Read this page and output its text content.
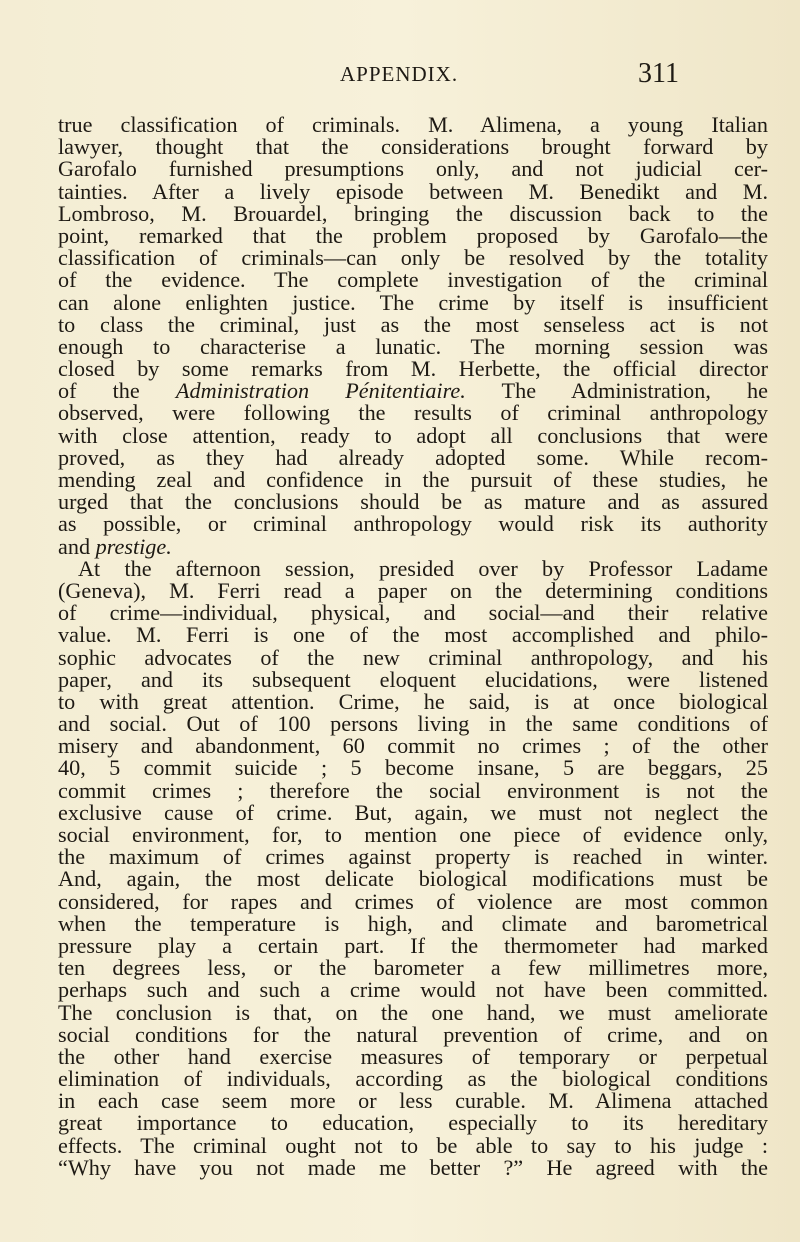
APPENDIX.	311
true classification of criminals. M. Alimena, a young Italian
lawyer, thought that the considerations brought forward by
Garofalo furnished presumptions only, and not judicial cer-
tainties. After a lively episode between M. Benedikt and M.
Lombroso, M. Brouardel, bringing the discussion back to the
point, remarked that the problem proposed by Garofalo—the
classification of criminals—can only be resolved by the totality
of the evidence. The complete investigation of the criminal
can alone enlighten justice. The crime by itself is insufficient
to class the criminal, just as the most senseless act is not
enough to characterise a lunatic. The morning session was
closed by some remarks from M. Herbette, the official director
of the Administration Pénitentiaire. The Administration, he
observed, were following the results of criminal anthropology
with close attention, ready to adopt all conclusions that were
proved, as they had already adopted some. While recom-
mending zeal and confidence in the pursuit of these studies, he
urged that the conclusions should be as mature and as assured
as possible, or criminal anthropology would risk its authority
and prestige.
At the afternoon session, presided over by Professor Ladame
(Geneva), M. Ferri read a paper on the determining conditions
of crime—individual, physical, and social—and their relative
value. M. Ferri is one of the most accomplished and philo-
sophic advocates of the new criminal anthropology, and his
paper, and its subsequent eloquent elucidations, were listened
to with great attention. Crime, he said, is at once biological
and social. Out of 100 persons living in the same conditions of
misery and abandonment, 60 commit no crimes ; of the other
40, 5 commit suicide ; 5 become insane, 5 are beggars, 25
commit crimes ; therefore the social environment is not the
exclusive cause of crime. But, again, we must not neglect the
social environment, for, to mention one piece of evidence only,
the maximum of crimes against property is reached in winter.
And, again, the most delicate biological modifications must be
considered, for rapes and crimes of violence are most common
when the temperature is high, and climate and barometrical
pressure play a certain part. If the thermometer had marked
ten degrees less, or the barometer a few millimetres more,
perhaps such and such a crime would not have been committed.
The conclusion is that, on the one hand, we must ameliorate
social conditions for the natural prevention of crime, and on
the other hand exercise measures of temporary or perpetual
elimination of individuals, according as the biological conditions
in each case seem more or less curable. M. Alimena attached
great importance to education, especially to its hereditary
effects. The criminal ought not to be able to say to his judge :
“Why have you not made me better ?” He agreed with the
